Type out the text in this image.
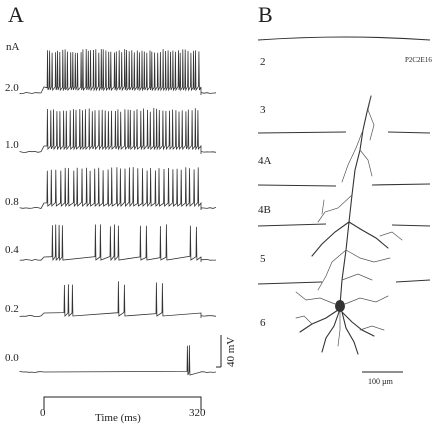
A
nA
2.0
1.0
0.8
0.4
0.2
0.0	40 mV
0	320
Time (ms)
B
P2C2E16
2
3
4A
4B
5
6
100 µm
